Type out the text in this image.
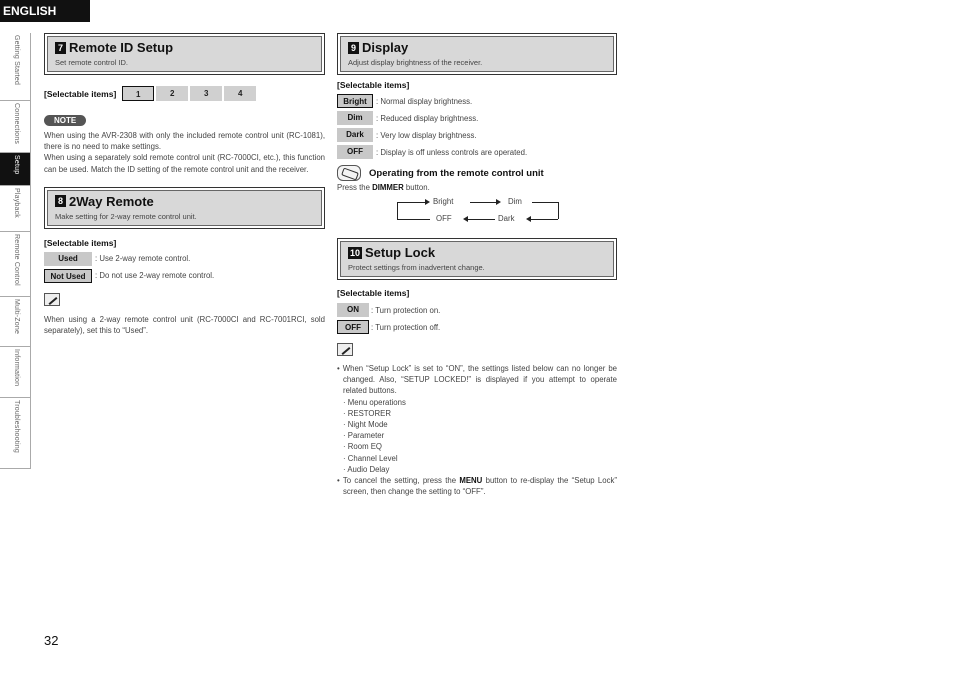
ENGLISH
Getting Started
Connections
Setup
Playback
Remote Control
Multi-Zone
Information
Troubleshooting
7 Remote ID Setup
Set remote control ID.
[Selectable items]	1	2	3	4
NOTE
When using the AVR-2308 with only the included remote control unit (RC-1081), there is no need to make settings.
When using a separately sold remote control unit (RC-7000CI, etc.), this function can be used. Match the ID setting of the remote control unit and the receiver.
8 2Way Remote
Make setting for 2-way remote control unit.
[Selectable items]
Used	: Use 2-way remote control.
Not Used	: Do not use 2-way remote control.
When using a 2-way remote control unit (RC-7000CI and RC-7001RCI, sold separately), set this to “Used”.
9 Display
Adjust display brightness of the receiver.
[Selectable items]
Bright	: Normal display brightness.
Dim	: Reduced display brightness.
Dark	: Very low display brightness.
OFF	: Display is off unless controls are operated.
Operating from the remote control unit
Press the DIMMER button.
Bright	Dim
OFF	Dark
10 Setup Lock
Protect settings from inadvertent change.
[Selectable items]
ON	: Turn protection on.
OFF	: Turn protection off.
• When “Setup Lock” is set to “ON”, the settings listed below can no longer be changed. Also, “SETUP LOCKED!” is displayed if you attempt to operate related buttons.
· Menu operations
· RESTORER
· Night Mode
· Parameter
· Room EQ
· Channel Level
· Audio Delay
• To cancel the setting, press the MENU button to re-display the “Setup Lock” screen, then change the setting to “OFF”.
32
